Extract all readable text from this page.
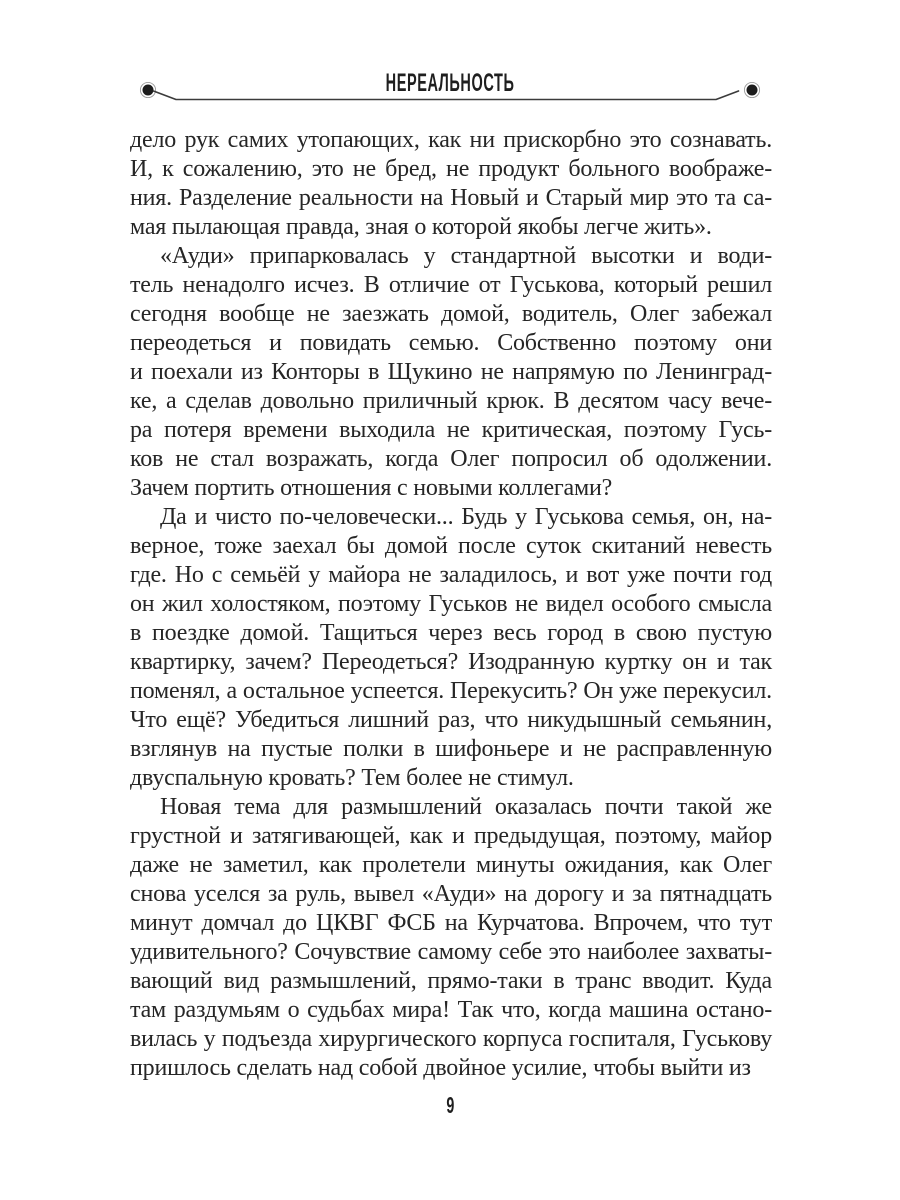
НЕРЕАЛЬНОСТЬ
дело рук самих утопающих, как ни прискорбно это сознавать.
И, к сожалению, это не бред, не продукт больного воображе-
ния. Разделение реальности на Новый и Старый мир это та са-
мая пылающая правда, зная о которой якобы легче жить».
«Ауди» припарковалась у стандартной высотки и води-
тель ненадолго исчез. В отличие от Гуськова, который решил
сегодня вообще не заезжать домой, водитель, Олег забежал
переодеться и повидать семью. Собственно поэтому они
и поехали из Конторы в Щукино не напрямую по Ленинград-
ке, а сделав довольно приличный крюк. В десятом часу вече-
ра потеря времени выходила не критическая, поэтому Гусь-
ков не стал возражать, когда Олег попросил об одолжении.
Зачем портить отношения с новыми коллегами?
Да и чисто по-человечески... Будь у Гуськова семья, он, на-
верное, тоже заехал бы домой после суток скитаний невесть
где. Но с семьёй у майора не заладилось, и вот уже почти год
он жил холостяком, поэтому Гуськов не видел особого смысла
в поездке домой. Тащиться через весь город в свою пустую
квартирку, зачем? Переодеться? Изодранную куртку он и так
поменял, а остальное успеется. Перекусить? Он уже перекусил.
Что ещё? Убедиться лишний раз, что никудышный семьянин,
взглянув на пустые полки в шифоньере и не расправленную
двуспальную кровать? Тем более не стимул.
Новая тема для размышлений оказалась почти такой же
грустной и затягивающей, как и предыдущая, поэтому, майор
даже не заметил, как пролетели минуты ожидания, как Олег
снова уселся за руль, вывел «Ауди» на дорогу и за пятнадцать
минут домчал до ЦКВГ ФСБ на Курчатова. Впрочем, что тут
удивительного? Сочувствие самому себе это наиболее захваты-
вающий вид размышлений, прямо-таки в транс вводит. Куда
там раздумьям о судьбах мира! Так что, когда машина остано-
вилась у подъезда хирургического корпуса госпиталя, Гуськову
пришлось сделать над собой двойное усилие, чтобы выйти из
9
